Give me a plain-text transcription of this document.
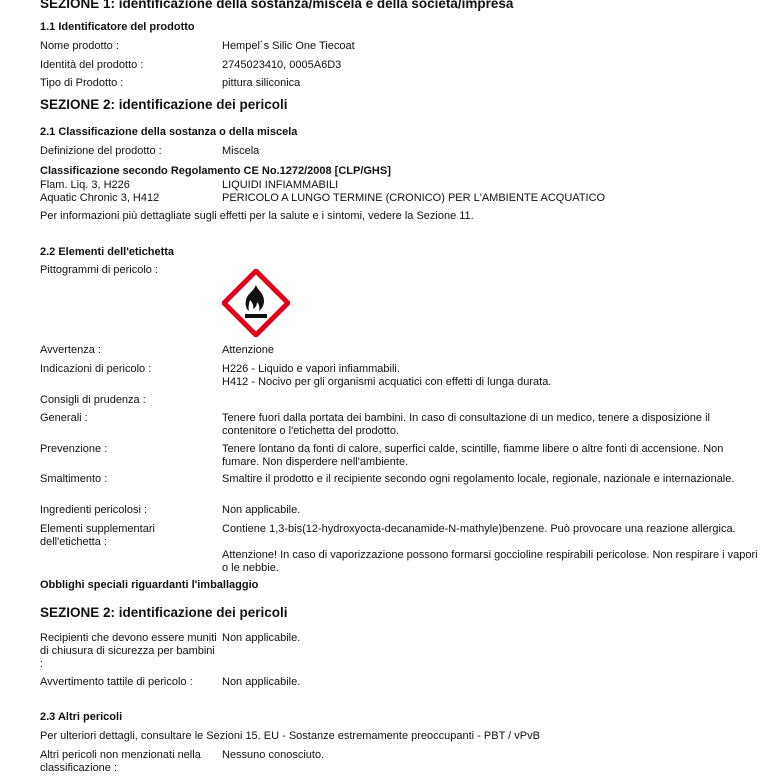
SEZIONE 1: identificazione della sostanza/miscela e della società/impresa
1.1 Identificatore del prodotto
Nome prodotto :	Hempel´s Silic One Tiecoat
Identità del prodotto :	2745023410, 0005A6D3
Tipo di Prodotto :	pittura siliconica
SEZIONE 2: identificazione dei pericoli
2.1 Classificazione della sostanza o della miscela
Definizione del prodotto :	Miscela
Classificazione secondo Regolamento CE No.1272/2008 [CLP/GHS]
Flam. Liq. 3, H226	LIQUIDI INFIAMMABILI
Aquatic Chronic 3, H412	PERICOLO A LUNGO TERMINE (CRONICO) PER L'AMBIENTE ACQUATICO
Per informazioni più dettagliate sugli effetti per la salute e i sintomi, vedere la Sezione 11.
2.2 Elementi dell'etichetta
Pittogrammi di pericolo :
Avvertenza :	Attenzione
Indicazioni di pericolo :	H226 - Liquido e vapori infiammabili.
H412 - Nocivo per gli organismi acquatici con effetti di lunga durata.
Consigli di prudenza :
Generali :	Tenere fuori dalla portata dei bambini. In caso di consultazione di un medico, tenere a disposizione il contenitore o l'etichetta del prodotto.
Prevenzione :	Tenere lontano da fonti di calore, superfici calde, scintille, fiamme libere o altre fonti di accensione. Non fumare. Non disperdere nell'ambiente.
Smaltimento :	Smaltire il prodotto e il recipiente secondo ogni regolamento locale, regionale, nazionale e internazionale.
Ingredienti pericolosi :	Non applicabile.
Elementi supplementari dell'etichetta :
Contiene 1,3-bis(12-hydroxyocta-decanamide-N-mathyle)benzene. Può provocare una reazione allergica.
Attenzione! In caso di vaporizzazione possono formarsi goccioline respirabili pericolose. Non respirare i vapori o le nebbie.
Obblighi speciali riguardanti l'imballaggio
SEZIONE 2: identificazione dei pericoli
Recipienti che devono essere muniti di chiusura di sicurezza per bambini :
Non applicabile.
Avvertimento tattile di pericolo :	Non applicabile.
2.3 Altri pericoli
Per ulteriori dettagli, consultare le Sezioni 15. EU - Sostanze estremamente preoccupanti - PBT / vPvB
Altri pericoli non menzionati nella classificazione :
Nessuno conosciuto.
